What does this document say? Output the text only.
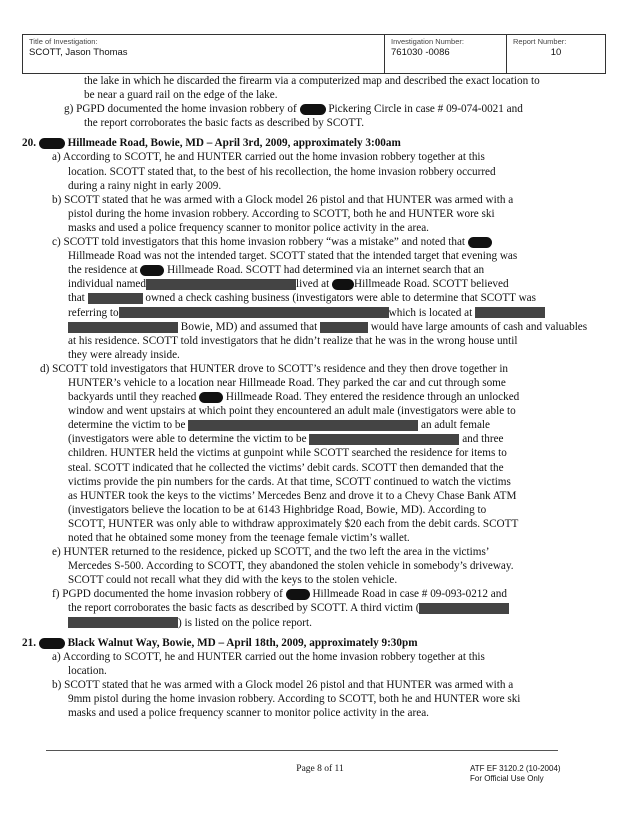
Title of Investigation:
SCOTT, Jason Thomas
Investigation Number:
761030 -0086
Report Number:
10

the lake in which he discarded the firearm via a computerized map and described the exact location to

be near a guard rail on the edge of the lake.

g) PGPD documented the home invasion robbery of	Pickering Circle in case # 09-074-0021 and

the report corroborates the basic facts as described by SCOTT.

20.	Hillmeade Road, Bowie, MD – April 3rd, 2009, approximately 3:00am

a) According to SCOTT, he and HUNTER carried out the home invasion robbery together at this

location. SCOTT stated that, to the best of his recollection, the home invasion robbery occurred

during a rainy night in early 2009.

b) SCOTT stated that he was armed with a Glock model 26 pistol and that HUNTER was armed with a

pistol during the home invasion robbery. According to SCOTT, both he and HUNTER wore ski

masks and used a police frequency scanner to monitor police activity in the area.

c) SCOTT told investigators that this home invasion robbery “was a mistake” and noted that

Hillmeade Road was not the intended target. SCOTT stated that the intended target that evening was

the residence at	Hillmeade Road. SCOTT had determined via an internet search that an

individual named	lived at Hillmeade Road. SCOTT believed

that	owned a check cashing business (investigators were able to determine that SCOTT was

referring to	which is located at

Bowie, MD) and assumed that	would have large amounts of cash and valuables

at his residence. SCOTT told investigators that he didn’t realize that he was in the wrong house until

they were already inside.

d) SCOTT told investigators that HUNTER drove to SCOTT’s residence and they then drove together in

HUNTER’s vehicle to a location near Hillmeade Road. They parked the car and cut through some

backyards until they reached	Hillmeade Road. They entered the residence through an unlocked

window and went upstairs at which point they encountered an adult male (investigators were able to

determine the victim to be	an adult female

(investigators were able to determine the victim to be	and three

children. HUNTER held the victims at gunpoint while SCOTT searched the residence for items to

steal. SCOTT indicated that he collected the victims’ debit cards. SCOTT then demanded that the

victims provide the pin numbers for the cards. At that time, SCOTT continued to watch the victims

as HUNTER took the keys to the victims’ Mercedes Benz and drove it to a Chevy Chase Bank ATM

(investigators believe the location to be at 6143 Highbridge Road, Bowie, MD). According to

SCOTT, HUNTER was only able to withdraw approximately $20 each from the debit cards. SCOTT

noted that he obtained some money from the teenage female victim’s wallet.

e) HUNTER returned to the residence, picked up SCOTT, and the two left the area in the victims’

Mercedes S-500. According to SCOTT, they abandoned the stolen vehicle in somebody’s driveway.

SCOTT could not recall what they did with the keys to the stolen vehicle.

f) PGPD documented the home invasion robbery of	Hillmeade Road in case # 09-093-0212 and

the report corroborates the basic facts as described by SCOTT. A third victim (

) is listed on the police report.

21.	Black Walnut Way, Bowie, MD – April 18th, 2009, approximately 9:30pm

a) According to SCOTT, he and HUNTER carried out the home invasion robbery together at this

location.

b) SCOTT stated that he was armed with a Glock model 26 pistol and that HUNTER was armed with a

9mm pistol during the home invasion robbery. According to SCOTT, both he and HUNTER wore ski

masks and used a police frequency scanner to monitor police activity in the area.

Page 8 of 11	ATF EF 3120.2 (10-2004)
For Official Use Only
